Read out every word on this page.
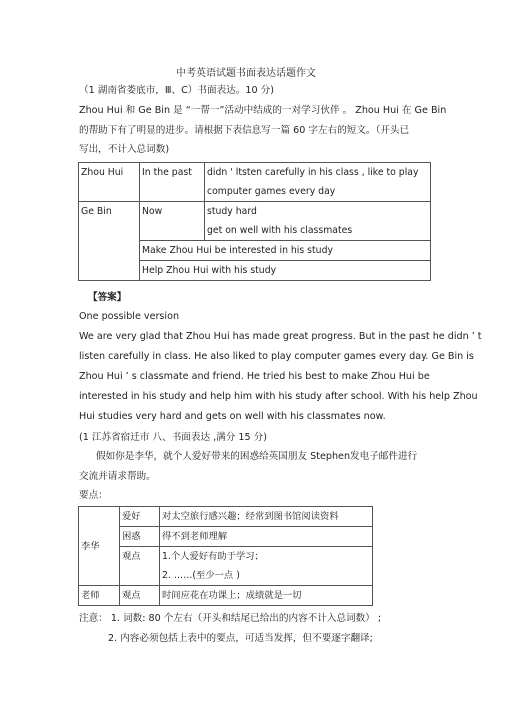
中考英语试题书面表达话题作文
（1 湖南省娄底市，Ⅲ、C）书面表达。10 分)
Zhou Hui 和 Ge Bin 是 “一帮一”活动中结成的一对学习伙伴 。 Zhou Hui 在 Ge Bin
的帮助下有了明显的进步。请根据下表信息写一篇 60 字左右的短文。（开头已
写出，不计入总词数)
Zhou Hui	In the past	didn ' ltsten carefully in his class , like to play
computer games every day

Ge Bin	Now	study hard
get on well with his classmates

	Make Zhou Hui be interested in his study	
	Help Zhou Hui with his study	
【答案】
One possible version
We are very glad that Zhou Hui has made great progress. But in the past he didn ’ t
listen carefully in class. He also liked to play computer games every day. Ge Bin is
Zhou Hui ’ s classmate and friend. He tried his best to make Zhou Hui be
interested in his study and help him with his study after school. With his help Zhou
Hui studies very hard and gets on well with his classmates now.
(1 江苏省宿迁市 八、书面表达 ,满分 15 分)
假如你是李华，就个人爱好带来的困惑给英国朋友 Stephen发电子邮件进行
交流并请求帮助。
要点：
李华	爱好	对太空旅行感兴趣；经常到图书馆阅读资料
	困惑	得不到老师理解
	观点	1.个人爱好有助于学习；
		2. ……(至少一点 )
老师	观点	时间应花在功课上；成绩就是一切
注意： 1. 词数: 80 个左右（开头和结尾已给出的内容不计入总词数） ;
2. 内容必须包括上表中的要点，可适当发挥，但不要逐字翻译;
